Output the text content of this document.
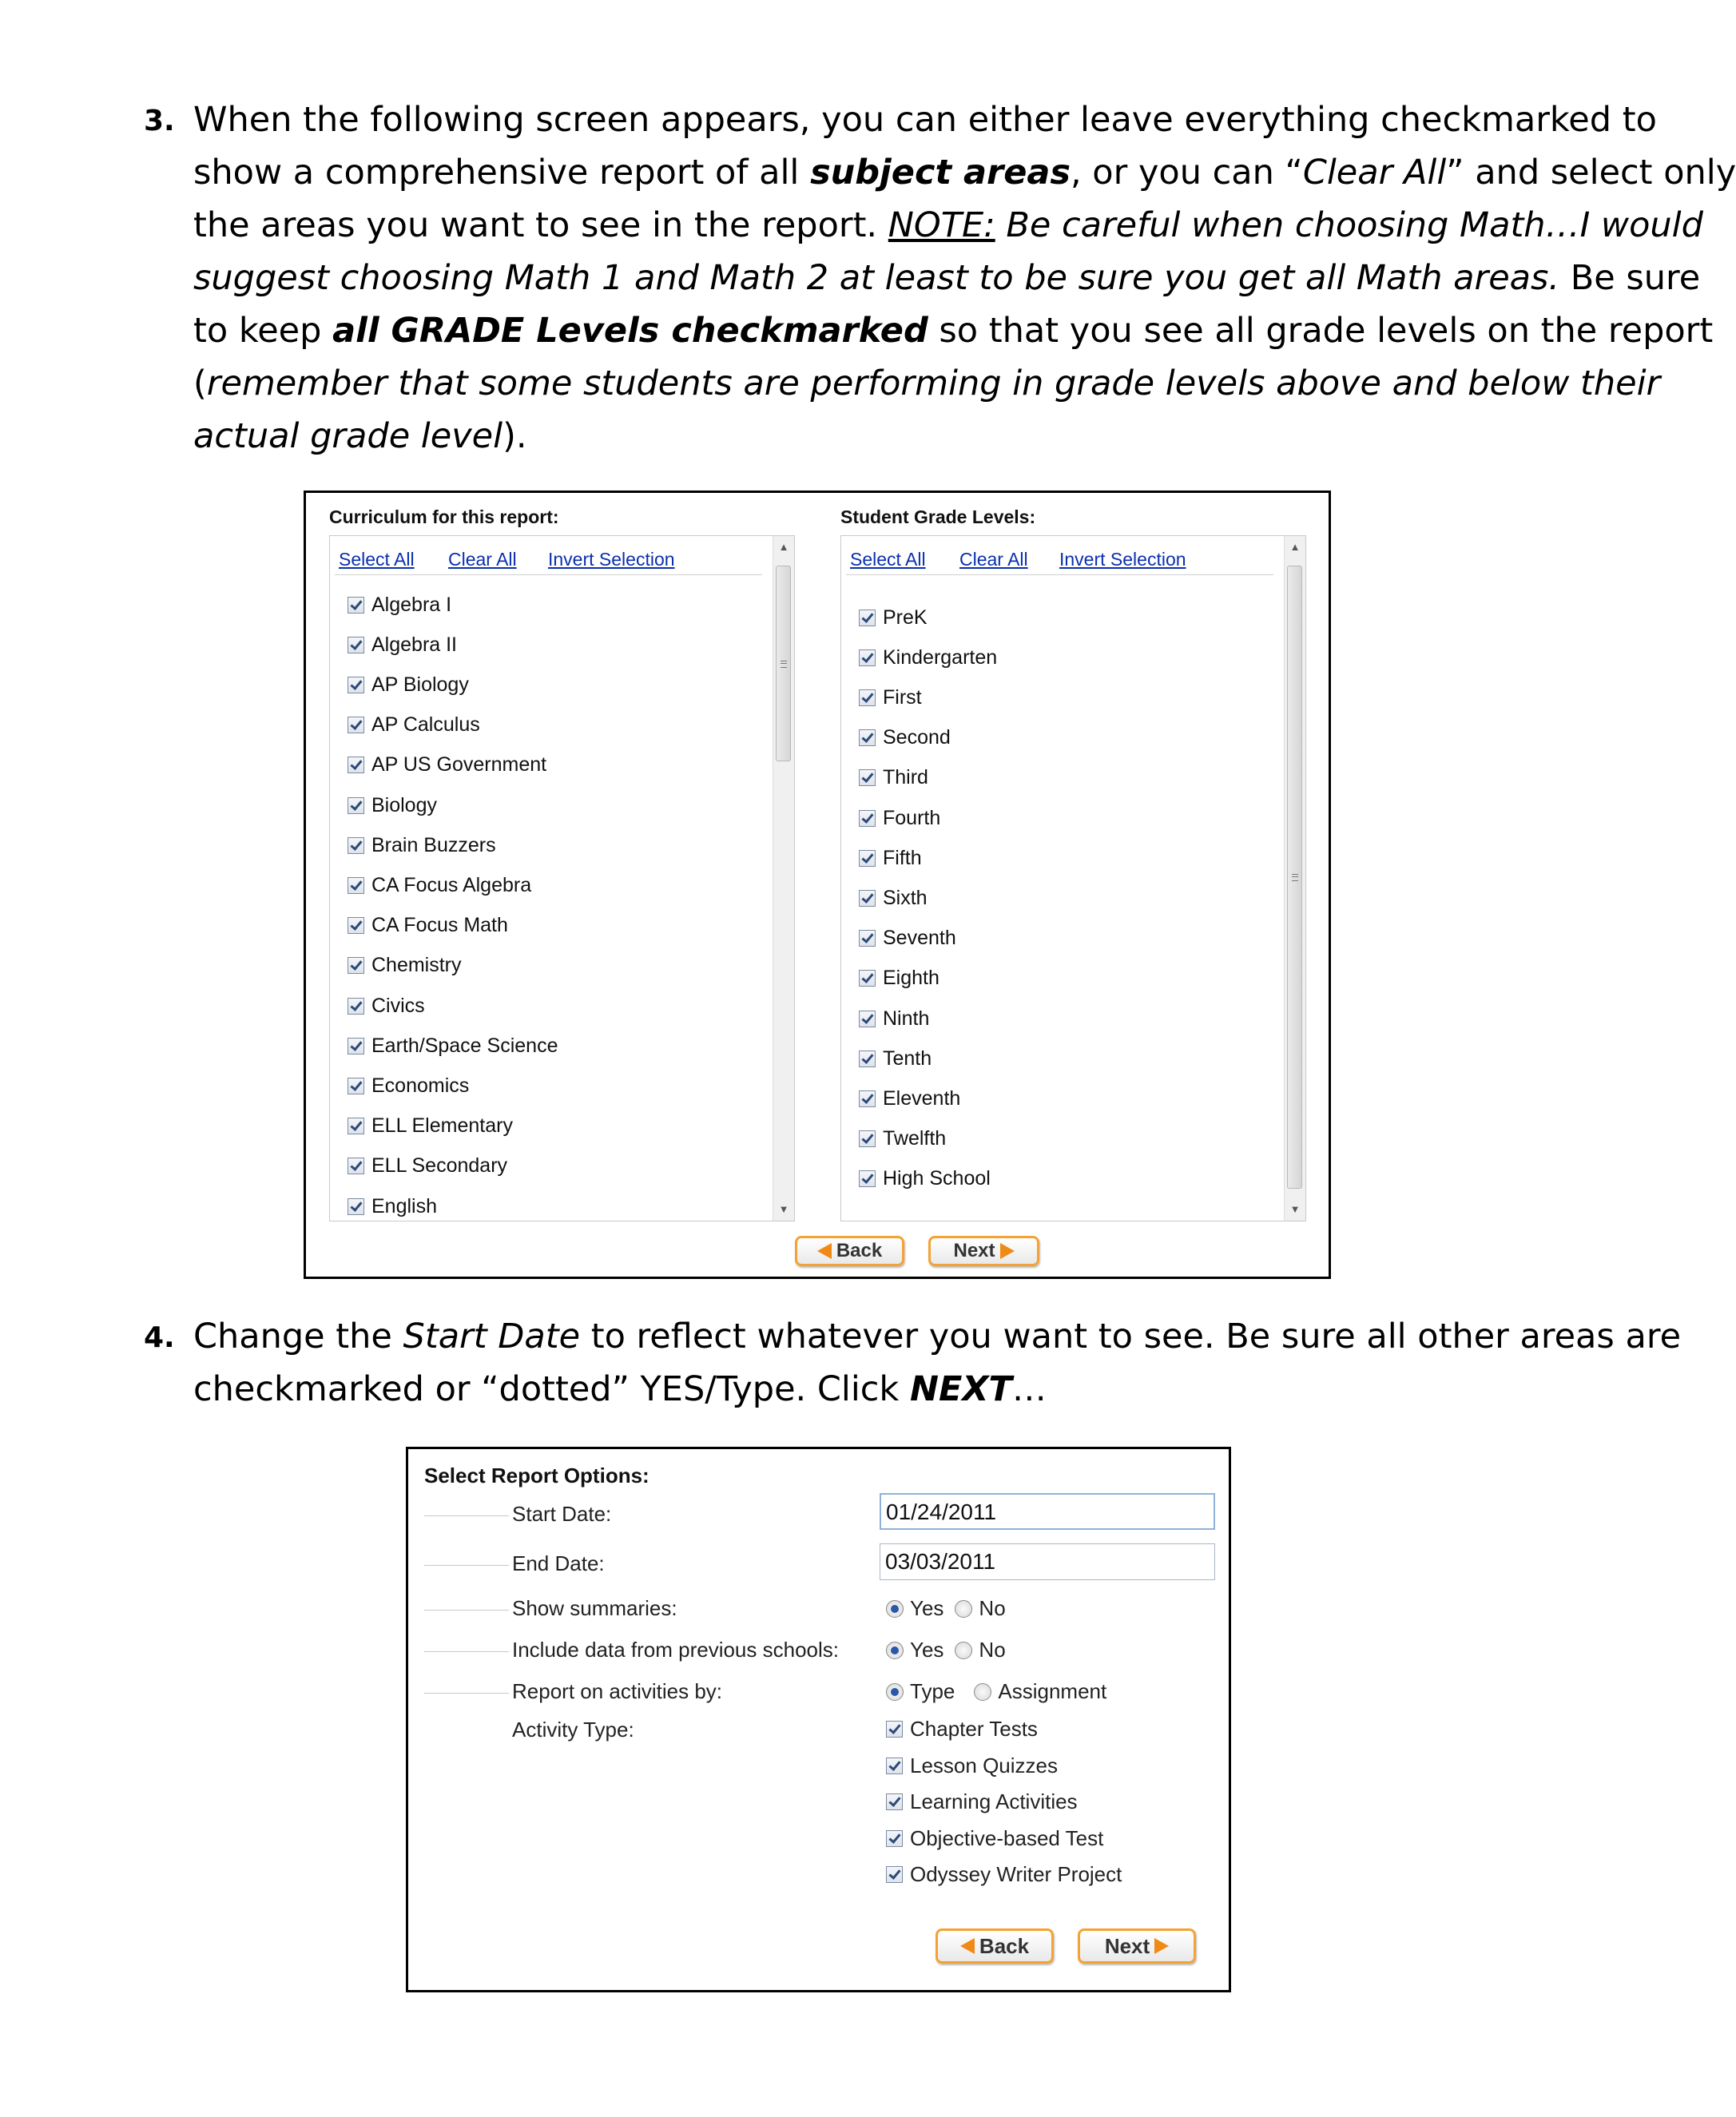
3. When the following screen appears, you can either leave everything checkmarked to
show a comprehensive report of all subject areas, or you can “Clear All” and select only
the areas you want to see in the report. NOTE: Be careful when choosing Math…I would
suggest choosing Math 1 and Math 2 at least to be sure you get all Math areas. Be sure
to keep all GRADE Levels checkmarked so that you see all grade levels on the report
(remember that some students are performing in grade levels above and below their
actual grade level).
Curriculum for this report:	Student Grade Levels:
Select All Clear All Invert Selection
Algebra I
Algebra II
AP Biology
AP Calculus
AP US Government
Biology
Brain Buzzers
CA Focus Algebra
CA Focus Math
Chemistry
Civics
Earth/Space Science
Economics
ELL Elementary
ELL Secondary
English
▲
▼
Select All Clear All Invert Selection
PreK
Kindergarten
First
Second
Third
Fourth
Fifth
Sixth
Seventh
Eighth
Ninth
Tenth
Eleventh
Twelfth
High School
▲
▼
Back	Next
4. Change the Start Date to reflect whatever you want to see. Be sure all other areas are
checkmarked or “dotted” YES/Type. Click NEXT…
Select Report Options:
Start Date:	01/24/2011
End Date:	03/03/2011
Show summaries:	Yes No
Include data from previous schools:	Yes No
Report on activities by:	Type Assignment
Activity Type:	Chapter Tests
Lesson Quizzes
Learning Activities
Objective-based Test
Odyssey Writer Project
Back	Next
